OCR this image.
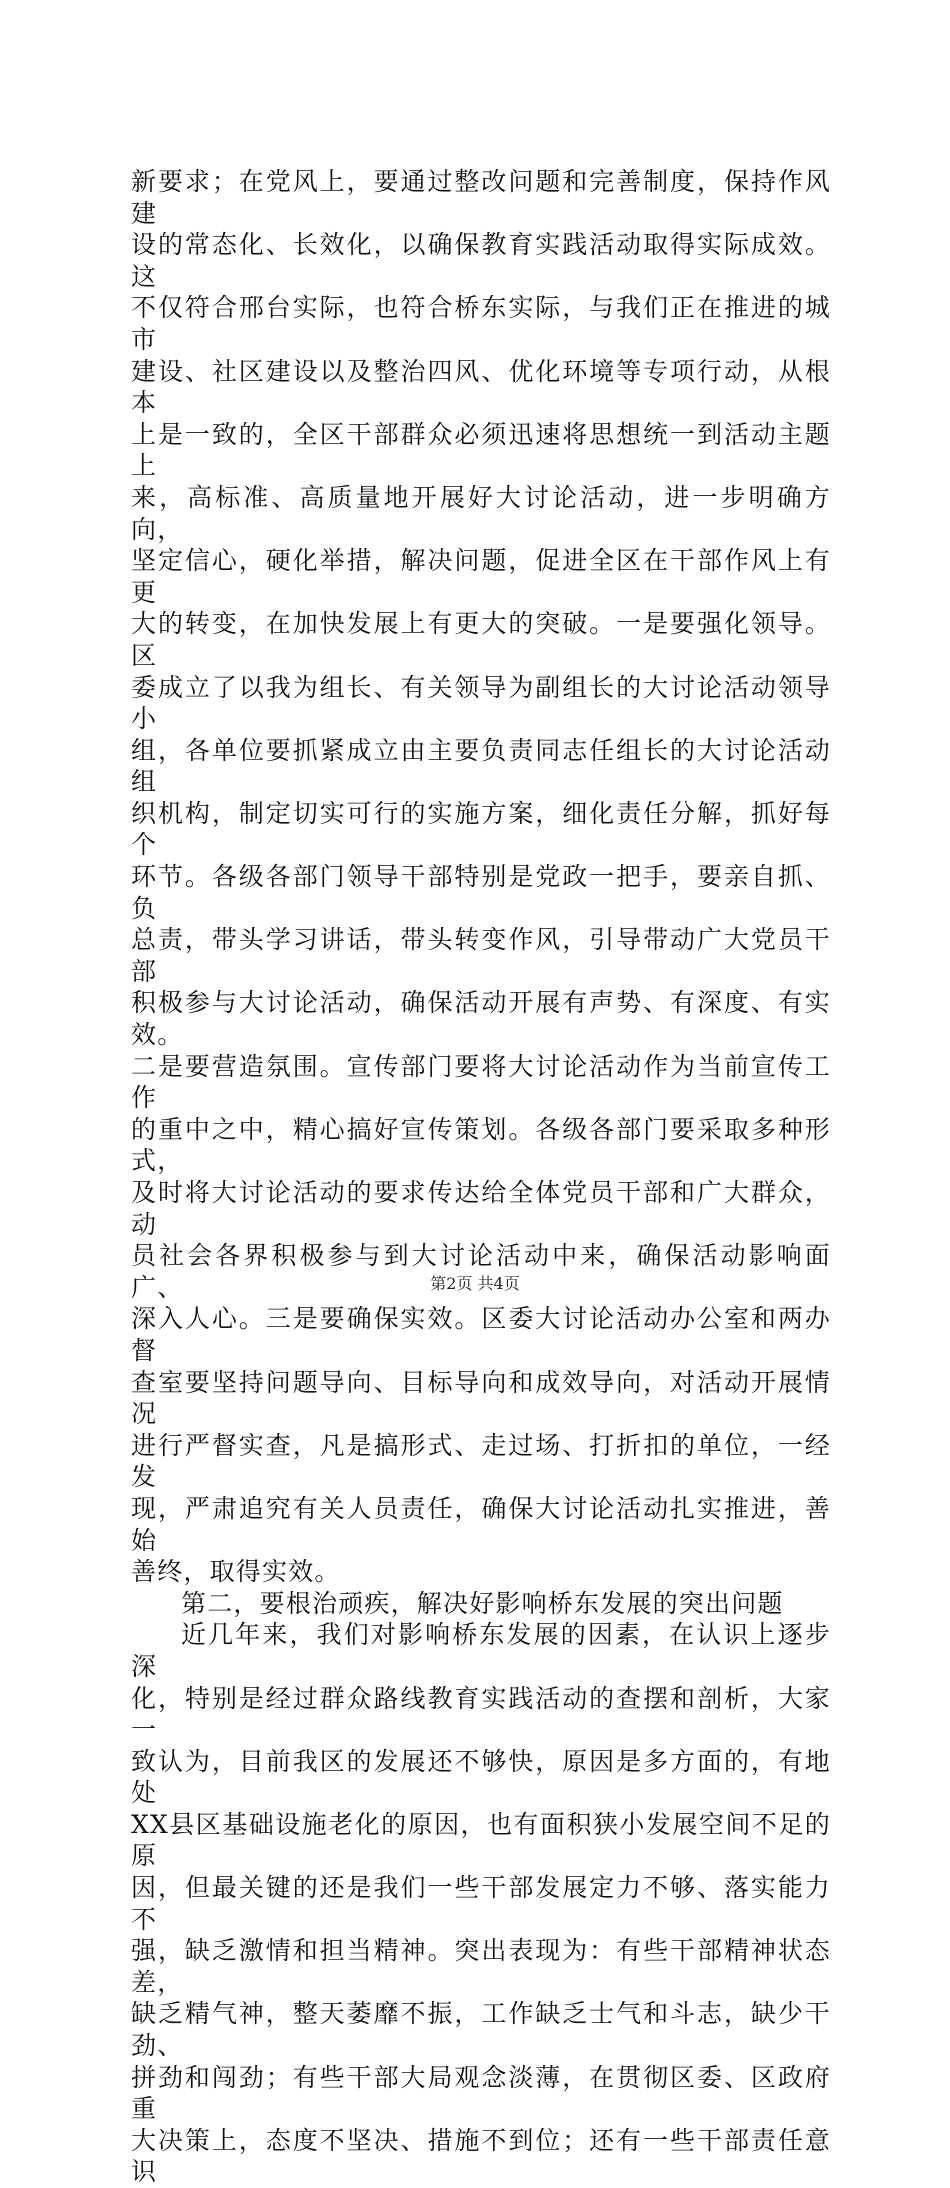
新要求；在党风上，要通过整改问题和完善制度，保持作风建
设的常态化、长效化，以确保教育实践活动取得实际成效。这
不仅符合邢台实际，也符合桥东实际，与我们正在推进的城市
建设、社区建设以及整治四风、优化环境等专项行动，从根本
上是一致的，全区干部群众必须迅速将思想统一到活动主题上
来，高标准、高质量地开展好大讨论活动，进一步明确方向，
坚定信心，硬化举措，解决问题，促进全区在干部作风上有更
大的转变，在加快发展上有更大的突破。一是要强化领导。区
委成立了以我为组长、有关领导为副组长的大讨论活动领导小
组，各单位要抓紧成立由主要负责同志任组长的大讨论活动组
织机构，制定切实可行的实施方案，细化责任分解，抓好每个
环节。各级各部门领导干部特别是党政一把手，要亲自抓、负
总责，带头学习讲话，带头转变作风，引导带动广大党员干部
积极参与大讨论活动，确保活动开展有声势、有深度、有实效。
二是要营造氛围。宣传部门要将大讨论活动作为当前宣传工作
的重中之中，精心搞好宣传策划。各级各部门要采取多种形式，
及时将大讨论活动的要求传达给全体党员干部和广大群众，动
员社会各界积极参与到大讨论活动中来，确保活动影响面广、
深入人心。三是要确保实效。区委大讨论活动办公室和两办督
查室要坚持问题导向、目标导向和成效导向，对活动开展情况
进行严督实查，凡是搞形式、走过场、打折扣的单位，一经发
现，严肃追究有关人员责任，确保大讨论活动扎实推进，善始
善终，取得实效。

第二，要根治顽疾，解决好影响桥东发展的突出问题

近几年来，我们对影响桥东发展的因素，在认识上逐步深
化，特别是经过群众路线教育实践活动的查摆和剖析，大家一
致认为，目前我区的发展还不够快，原因是多方面的，有地处
XX县区基础设施老化的原因，也有面积狭小发展空间不足的原
因，但最关键的还是我们一些干部发展定力不够、落实能力不
强，缺乏激情和担当精神。突出表现为：有些干部精神状态差，
缺乏精气神，整天萎靡不振，工作缺乏士气和斗志，缺少干劲、
拼劲和闯劲；有些干部大局观念淡薄，在贯彻区委、区政府重
大决策上，态度不坚决、措施不到位；还有一些干部责任意识

第2页 共4页
